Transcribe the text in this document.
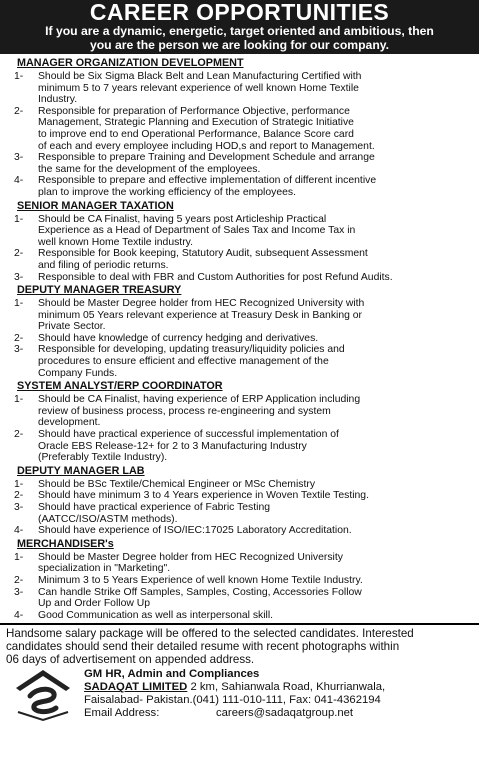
CAREER OPPORTUNITIES
If you are a dynamic, energetic, target oriented and ambitious, then
you are the person we are looking for our company.
MANAGER ORGANIZATION DEVELOPMENT
1-	Should be Six Sigma Black Belt and Lean Manufacturing Certified with
minimum 5 to 7 years relevant experience of well known Home Textile
Industry.
2-	Responsible for preparation of Performance Objective, performance
Management, Strategic Planning and Execution of Strategic Initiative
to improve end to end Operational Performance, Balance Score card
of each and every employee including HOD,s and report to Management.
3-	Responsible to prepare Training and Development Schedule and arrange
the same for the development of the employees.
4-	Responsible to prepare and effective implementation of different incentive
plan to improve the working efficiency of the employees.
SENIOR MANAGER TAXATION
1-	Should be CA Finalist, having 5 years post Articleship Practical
Experience as a Head of Department of Sales Tax and Income Tax in
well known Home Textile industry.
2-	Responsible for Book keeping, Statutory Audit, subsequent Assessment
and filing of periodic returns.
3-	Responsible to deal with FBR and Custom Authorities for post Refund Audits.
DEPUTY MANAGER TREASURY
1-	Should be Master Degree holder from HEC Recognized University with
minimum 05 Years relevant experience at Treasury Desk in Banking or
Private Sector.
2-	Should have knowledge of currency hedging and derivatives.
3-	Responsible for developing, updating treasury/liquidity policies and
procedures to ensure efficient and effective management of the
Company Funds.
SYSTEM ANALYST/ERP COORDINATOR
1-	Should be CA Finalist, having experience of ERP Application including
review of business process, process re-engineering and system
development.
2-	Should have practical experience of successful implementation of
Oracle EBS Release-12+ for 2 to 3 Manufacturing Industry
(Preferably Textile Industry).
DEPUTY MANAGER LAB
1-	Should be BSc Textile/Chemical Engineer or MSc Chemistry
2-	Should have minimum 3 to 4 Years experience in Woven Textile Testing.
3-	Should have practical experience of Fabric Testing
(AATCC/ISO/ASTM methods).
4-	Should have experience of ISO/IEC:17025 Laboratory Accreditation.
MERCHANDISER's
1-	Should be Master Degree holder from HEC Recognized University
specialization in "Marketing".
2-	Minimum 3 to 5 Years Experience of well known Home Textile Industry.
3-	Can handle Strike Off Samples, Samples, Costing, Accessories Follow
Up and Order Follow Up
4-	Good Communication as well as interpersonal skill.
Handsome salary package will be offered to the selected candidates. Interested
candidates should send their detailed resume with recent photographs within
06 days of advertisement on appended address.
GM HR, Admin and Compliances
SADAQAT LIMITED 2 km, Sahianwala Road, Khurrianwala,
Faisalabad- Pakistan.(041) 111-010-111, Fax: 041-4362194
Email Address:	careers@sadaqatgroup.net
